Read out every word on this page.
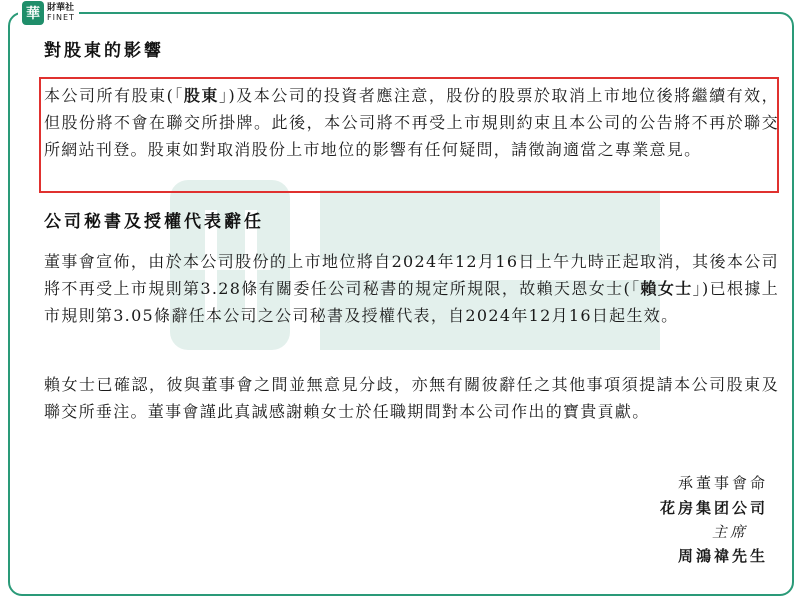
華 財華社
FINET
對股東的影響

本公司所有股東(「股東」)及本公司的投資者應注意，股份的股票於取消上市地位後將繼續有效，但股份將不會在聯交所掛牌。此後，本公司將不再受上市規則約束且本公司的公告將不再於聯交所網站刊登。股東如對取消股份上市地位的影響有任何疑問，請徵詢適當之專業意見。

公司秘書及授權代表辭任

董事會宣佈，由於本公司股份的上市地位將自2024年12月16日上午九時正起取消，其後本公司將不再受上市規則第3.28條有關委任公司秘書的規定所規限，故賴天恩女士(「賴女士」)已根據上市規則第3.05條辭任本公司之公司秘書及授權代表，自2024年12月16日起生效。

賴女士已確認，彼與董事會之間並無意見分歧，亦無有關彼辭任之其他事項須提請本公司股東及聯交所垂注。董事會謹此真誠感謝賴女士於任職期間對本公司作出的寶貴貢獻。

承董事會命
花房集团公司
主席
周鴻禕先生
